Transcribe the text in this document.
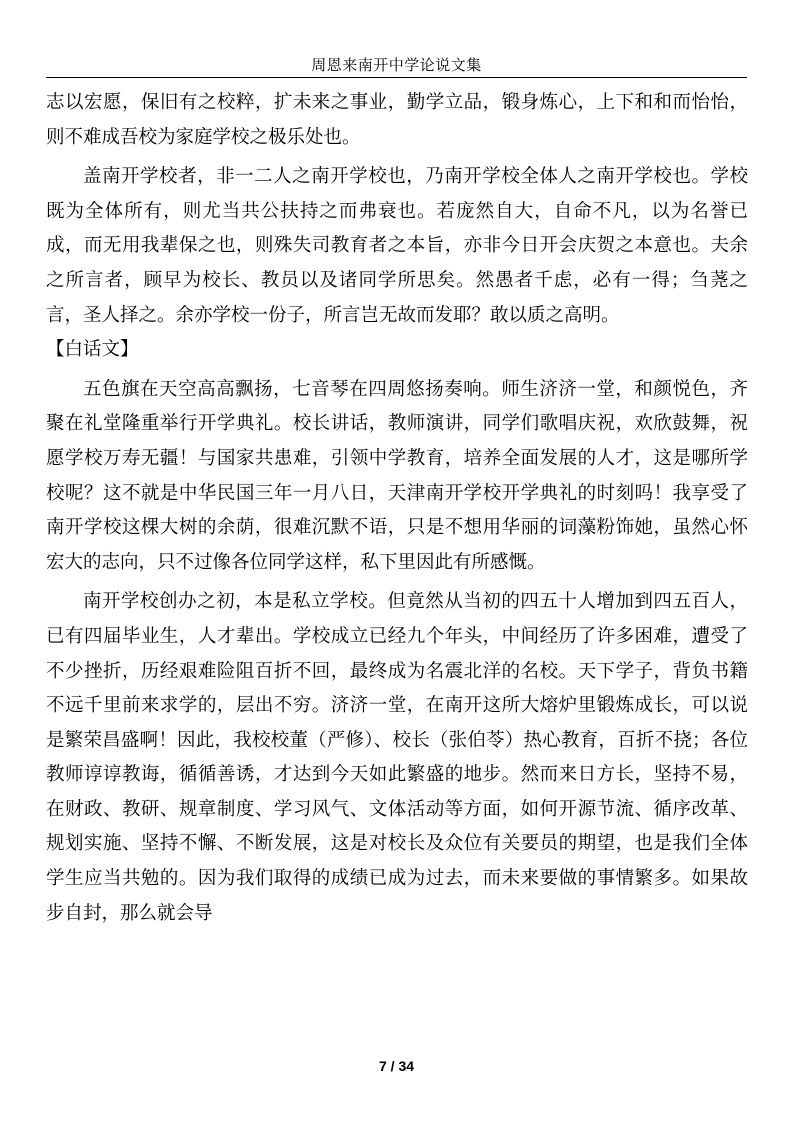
周恩来南开中学论说文集

志以宏愿，保旧有之校粹，扩未来之事业，勤学立品，锻身炼心，上下和和而怡怡，则不难成吾校为家庭学校之极乐处也。

盖南开学校者，非一二人之南开学校也，乃南开学校全体人之南开学校也。学校既为全体所有，则尤当共公扶持之而弗衰也。若庞然自大，自命不凡，以为名誉已成，而无用我辈保之也，则殊失司教育者之本旨，亦非今日开会庆贺之本意也。夫余之所言者，顾早为校长、教员以及诸同学所思矣。然愚者千虑，必有一得；刍荛之言，圣人择之。余亦学校一份子，所言岂无故而发耶？敢以质之高明。

【白话文】

五色旗在天空高高飘扬，七音琴在四周悠扬奏响。师生济济一堂，和颜悦色，齐聚在礼堂隆重举行开学典礼。校长讲话，教师演讲，同学们歌唱庆祝，欢欣鼓舞，祝愿学校万寿无疆！与国家共患难，引领中学教育，培养全面发展的人才，这是哪所学校呢？这不就是中华民国三年一月八日，天津南开学校开学典礼的时刻吗！我享受了南开学校这棵大树的余荫，很难沉默不语，只是不想用华丽的词藻粉饰她，虽然心怀宏大的志向，只不过像各位同学这样，私下里因此有所感慨。

南开学校创办之初，本是私立学校。但竟然从当初的四五十人增加到四五百人，已有四届毕业生，人才辈出。学校成立已经九个年头，中间经历了许多困难，遭受了不少挫折，历经艰难险阻百折不回，最终成为名震北洋的名校。天下学子，背负书籍不远千里前来求学的，层出不穷。济济一堂，在南开这所大熔炉里锻炼成长，可以说是繁荣昌盛啊！因此，我校校董（严修）、校长（张伯苓）热心教育，百折不挠；各位教师谆谆教诲，循循善诱，才达到今天如此繁盛的地步。然而来日方长，坚持不易，在财政、教研、规章制度、学习风气、文体活动等方面，如何开源节流、循序改革、规划实施、坚持不懈、不断发展，这是对校长及众位有关要员的期望，也是我们全体学生应当共勉的。因为我们取得的成绩已成为过去，而未来要做的事情繁多。如果故步自封，那么就会导

7 / 34
